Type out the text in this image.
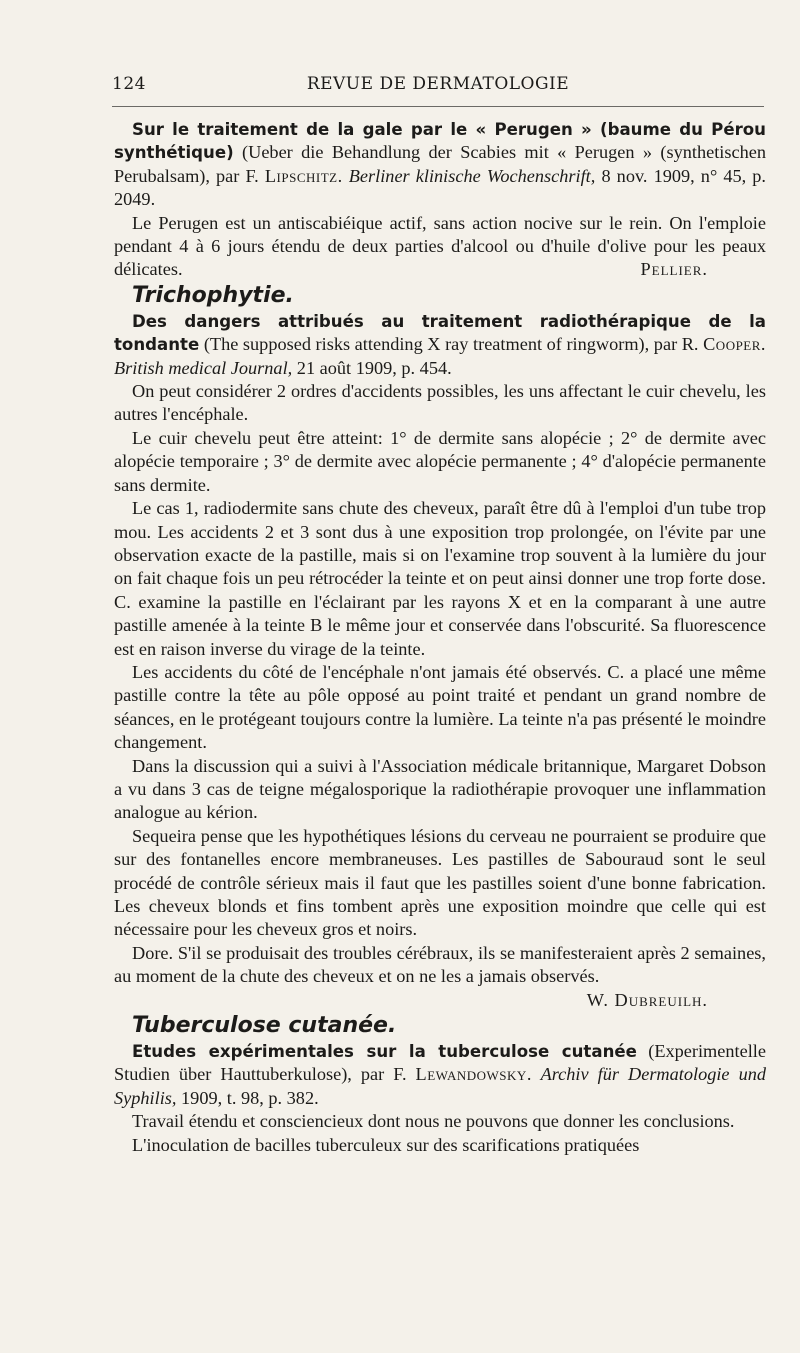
124	REVUE DE DERMATOLOGIE

Sur le traitement de la gale par le « Perugen » (baume du Pérou synthétique) (Ueber die Behandlung der Scabies mit « Perugen » (synthetischen Perubalsam), par F. Lipschitz. Berliner klinische Wochenschrift, 8 nov. 1909, n° 45, p. 2049.

Le Perugen est un antiscabiéique actif, sans action nocive sur le rein. On l'emploie pendant 4 à 6 jours étendu de deux parties d'alcool ou d'huile d'olive pour les peaux délicates.	Pellier.

Trichophytie.

Des dangers attribués au traitement radiothérapique de la tondante (The supposed risks attending X ray treatment of ringworm), par R. Cooper. British medical Journal, 21 août 1909, p. 454.

On peut considérer 2 ordres d'accidents possibles, les uns affectant le cuir chevelu, les autres l'encéphale.

Le cuir chevelu peut être atteint: 1° de dermite sans alopécie ; 2° de dermite avec alopécie temporaire ; 3° de dermite avec alopécie permanente ; 4° d'alopécie permanente sans dermite.

Le cas 1, radiodermite sans chute des cheveux, paraît être dû à l'emploi d'un tube trop mou. Les accidents 2 et 3 sont dus à une exposition trop prolongée, on l'évite par une observation exacte de la pastille, mais si on l'examine trop souvent à la lumière du jour on fait chaque fois un peu rétrocéder la teinte et on peut ainsi donner une trop forte dose. C. examine la pastille en l'éclairant par les rayons X et en la comparant à une autre pastille amenée à la teinte B le même jour et conservée dans l'obscurité. Sa fluorescence est en raison inverse du virage de la teinte.

Les accidents du côté de l'encéphale n'ont jamais été observés. C. a placé une même pastille contre la tête au pôle opposé au point traité et pendant un grand nombre de séances, en le protégeant toujours contre la lumière. La teinte n'a pas présenté le moindre changement.

Dans la discussion qui a suivi à l'Association médicale britannique, Margaret Dobson a vu dans 3 cas de teigne mégalosporique la radiothérapie provoquer une inflammation analogue au kérion.

Sequeira pense que les hypothétiques lésions du cerveau ne pourraient se produire que sur des fontanelles encore membraneuses. Les pastilles de Sabouraud sont le seul procédé de contrôle sérieux mais il faut que les pastilles soient d'une bonne fabrication. Les cheveux blonds et fins tombent après une exposition moindre que celle qui est nécessaire pour les cheveux gros et noirs.

Dore. S'il se produisait des troubles cérébraux, ils se manifesteraient après 2 semaines, au moment de la chute des cheveux et on ne les a jamais observés.
W. Dubreuilh.

Tuberculose cutanée.

Etudes expérimentales sur la tuberculose cutanée (Experimentelle Studien über Hauttuberkulose), par F. Lewandowsky. Archiv für Dermatologie und Syphilis, 1909, t. 98, p. 382.

Travail étendu et consciencieux dont nous ne pouvons que donner les conclusions.

L'inoculation de bacilles tuberculeux sur des scarifications pratiquées
